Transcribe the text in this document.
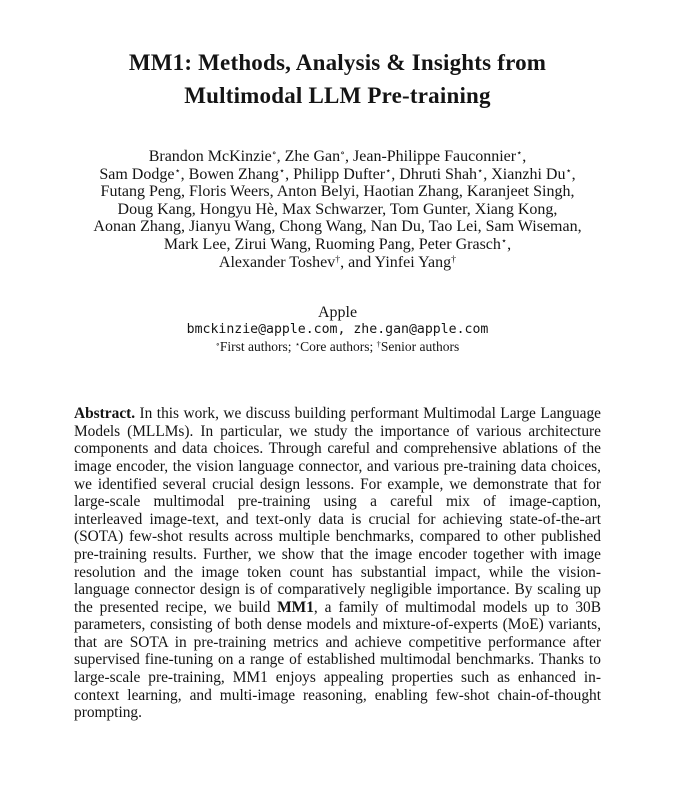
MM1: Methods, Analysis & Insights from
Multimodal LLM Pre-training
Brandon McKinzie∘, Zhe Gan∘, Jean-Philippe Fauconnier⋆,
Sam Dodge⋆, Bowen Zhang⋆, Philipp Dufter⋆, Dhruti Shah⋆, Xianzhi Du⋆,
Futang Peng, Floris Weers, Anton Belyi, Haotian Zhang, Karanjeet Singh,
Doug Kang, Hongyu Hè, Max Schwarzer, Tom Gunter, Xiang Kong,
Aonan Zhang, Jianyu Wang, Chong Wang, Nan Du, Tao Lei, Sam Wiseman,
Mark Lee, Zirui Wang, Ruoming Pang, Peter Grasch⋆,
Alexander Toshev†, and Yinfei Yang†
Apple
bmckinzie@apple.com, zhe.gan@apple.com
∘First authors; ⋆Core authors; †Senior authors

Abstract. In this work, we discuss building performant Multimodal Large Language Models (MLLMs). In particular, we study the importance of various architecture components and data choices. Through careful and comprehensive ablations of the image encoder, the vision language connector, and various pre-training data choices, we identified several crucial design lessons. For example, we demonstrate that for large-scale multimodal pre-training using a careful mix of image-caption, interleaved image-text, and text-only data is crucial for achieving state-of-the-art (SOTA) few-shot results across multiple benchmarks, compared to other published pre-training results. Further, we show that the image encoder together with image resolution and the image token count has substantial impact, while the vision-language connector design is of comparatively negligible importance. By scaling up the presented recipe, we build MM1, a family of multimodal models up to 30B parameters, consisting of both dense models and mixture-of-experts (MoE) variants, that are SOTA in pre-training metrics and achieve competitive performance after supervised fine-tuning on a range of established multimodal benchmarks. Thanks to large-scale pre-training, MM1 enjoys appealing properties such as enhanced in-context learning, and multi-image reasoning, enabling few-shot chain-of-thought prompting.
